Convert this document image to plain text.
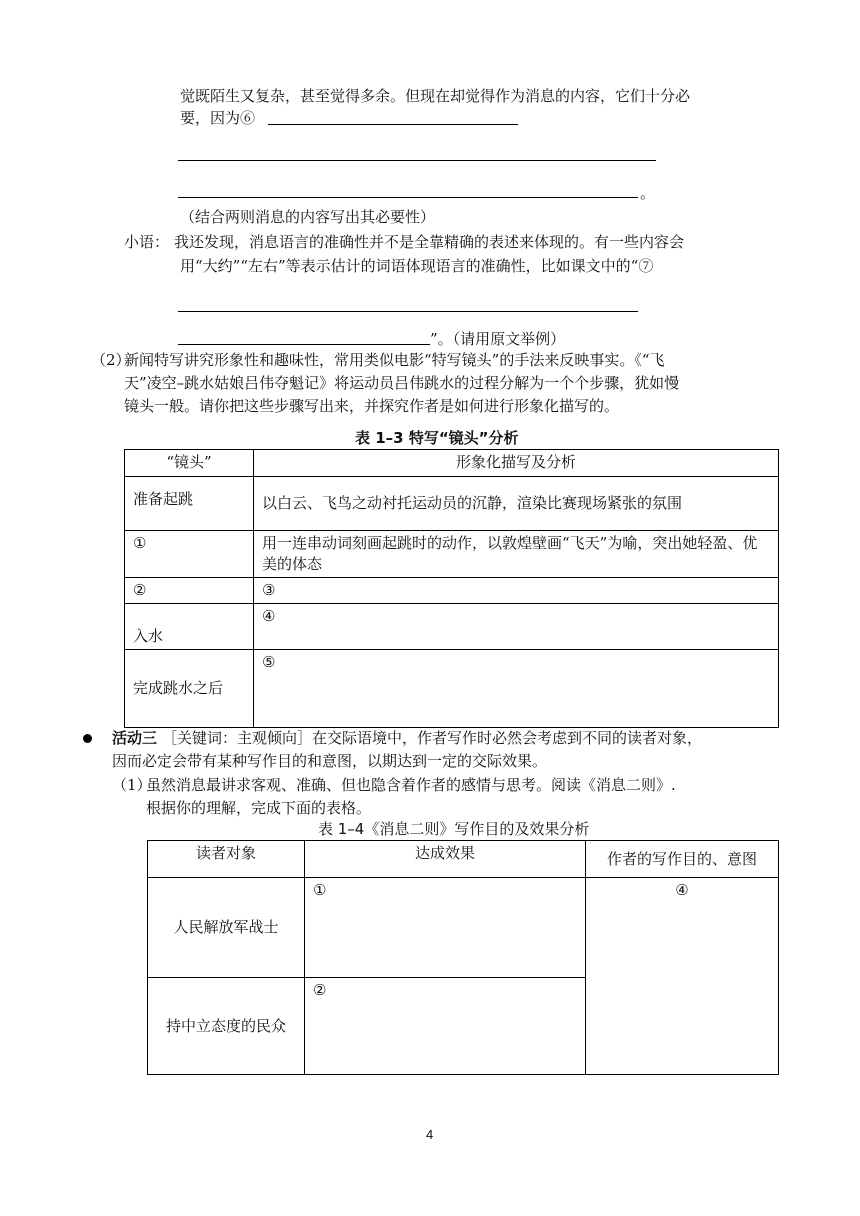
觉既陌生又复杂，甚至觉得多余。但现在却觉得作为消息的内容，它们十分必
要，因为⑥
。
（结合两则消息的内容写出其必要性）
小语： 我还发现，消息语言的准确性并不是全靠精确的表述来体现的。有一些内容会
用“大约”“左右”等表示估计的词语体现语言的准确性，比如课文中的“⑦
”。（请用原文举例）
（2）
新闻特写讲究形象性和趣味性，常用类似电影“特写镜头”的手法来反映事实。《“飞
天”凌空–跳水姑娘吕伟夺魁记》将运动员吕伟跳水的过程分解为一个个步骤，犹如慢
镜头一般。请你把这些步骤写出来，并探究作者是如何进行形象化描写的。
表 1–3 特写“镜头”分析
“镜头”	形象化描写及分析
准备起跳	以白云、飞鸟之动衬托运动员的沉静，渲染比赛现场紧张的氛围
①	用一连串动词刻画起跳时的动作，以敦煌壁画“飞天”为喻，突出她轻盈、优美的体态
②	③
入水	④
完成跳水之后	⑤
活动三 ［关键词：主观倾向］在交际语境中，作者写作时必然会考虑到不同的读者对象，
因而必定会带有某种写作目的和意图，以期达到一定的交际效果。
（1）
虽然消息最讲求客观、准确、但也隐含着作者的感情与思考。阅读《消息二则》.
根据你的理解，完成下面的表格。
表 1–4《消息二则》写作目的及效果分析
读者对象	达成效果	作者的写作目的、意图
人民解放军战士	①	④
持中立态度的民众	②	
4
